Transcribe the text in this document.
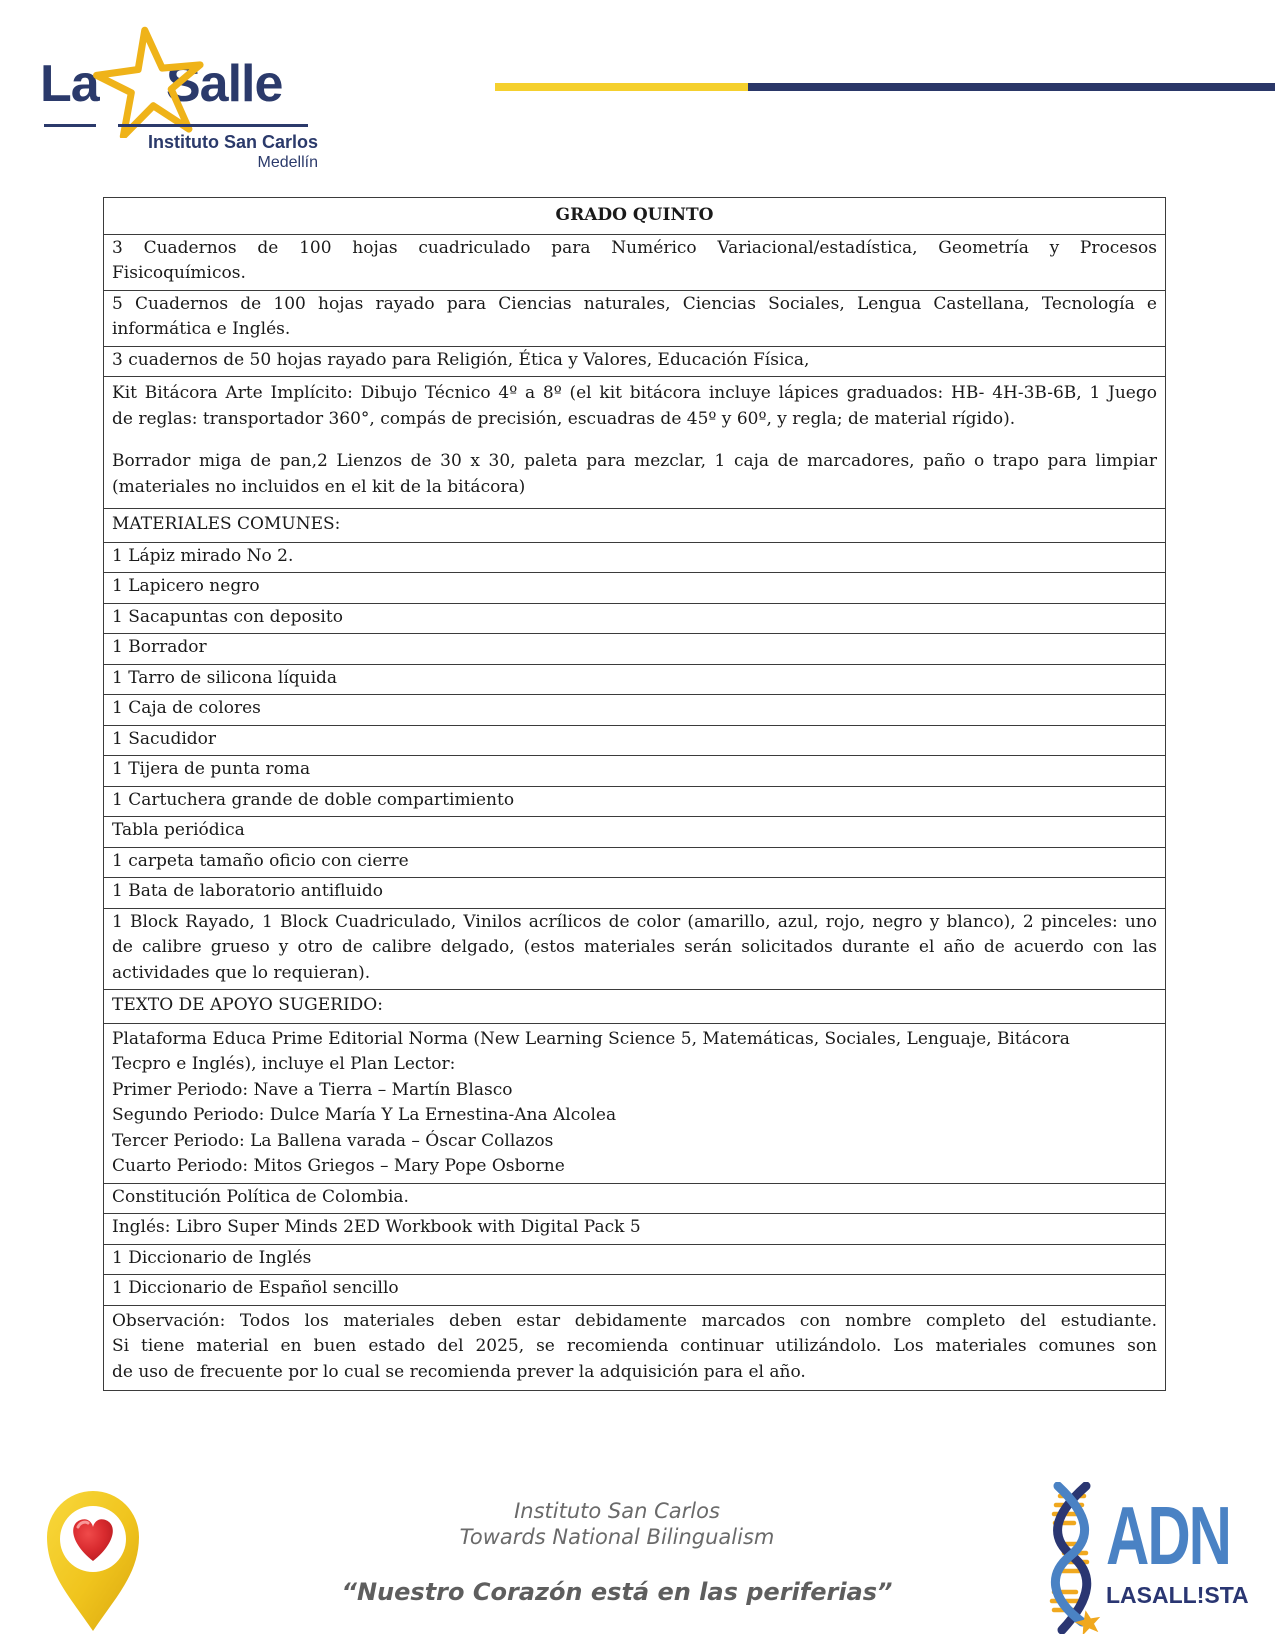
La Salle
Instituto San Carlos
Medellín
GRADO QUINTO
3 Cuadernos de 100 hojas cuadriculado para Numérico Variacional/estadística, Geometría y Procesos
Fisicoquímicos.

5 Cuadernos de 100 hojas rayado para Ciencias naturales, Ciencias Sociales, Lengua Castellana, Tecnología e
informática e Inglés.

3 cuadernos de 50 hojas rayado para Religión, Ética y Valores, Educación Física,
Kit Bitácora Arte Implícito: Dibujo Técnico 4º a 8º (el kit bitácora incluye lápices graduados: HB- 4H-3B-6B, 1 Juego
de reglas: transportador 360°, compás de precisión, escuadras de 45º y 60º, y regla; de material rígido).
Borrador miga de pan,2 Lienzos de 30 x 30, paleta para mezclar, 1 caja de marcadores, paño o trapo para limpiar
(materiales no incluidos en el kit de la bitácora)

MATERIALES COMUNES:
1 Lápiz mirado No 2.
1 Lapicero negro
1 Sacapuntas con deposito
1 Borrador
1 Tarro de silicona líquida
1 Caja de colores
1 Sacudidor
1 Tijera de punta roma
1 Cartuchera grande de doble compartimiento
Tabla periódica
1 carpeta tamaño oficio con cierre
1 Bata de laboratorio antifluido
1 Block Rayado, 1 Block Cuadriculado, Vinilos acrílicos de color (amarillo, azul, rojo, negro y blanco), 2 pinceles: uno de calibre grueso y otro de calibre delgado, (estos materiales serán solicitados durante el año de acuerdo con las
actividades que lo requieran).

TEXTO DE APOYO SUGERIDO:

Plataforma Educa Prime Editorial Norma (New Learning Science 5, Matemáticas, Sociales, Lenguaje, Bitácora
Tecpro e Inglés), incluye el Plan Lector:
Primer Periodo: Nave a Tierra – Martín Blasco
Segundo Periodo: Dulce María Y La Ernestina-Ana Alcolea
Tercer Periodo: La Ballena varada – Óscar Collazos
Cuarto Periodo: Mitos Griegos – Mary Pope Osborne

Constitución Política de Colombia.
Inglés: Libro Super Minds 2ED Workbook with Digital Pack 5
1 Diccionario de Inglés
1 Diccionario de Español sencillo
Observación: Todos los materiales deben estar debidamente marcados con nombre completo del estudiante. Si tiene material en buen estado del 2025, se recomienda continuar utilizándolo. Los materiales comunes son
de uso de frecuente por lo cual se recomienda prever la adquisición para el año.
Instituto San Carlos
Towards National Bilingualism
“Nuestro Corazón está en las periferias”
ADN
LASALL!STA
